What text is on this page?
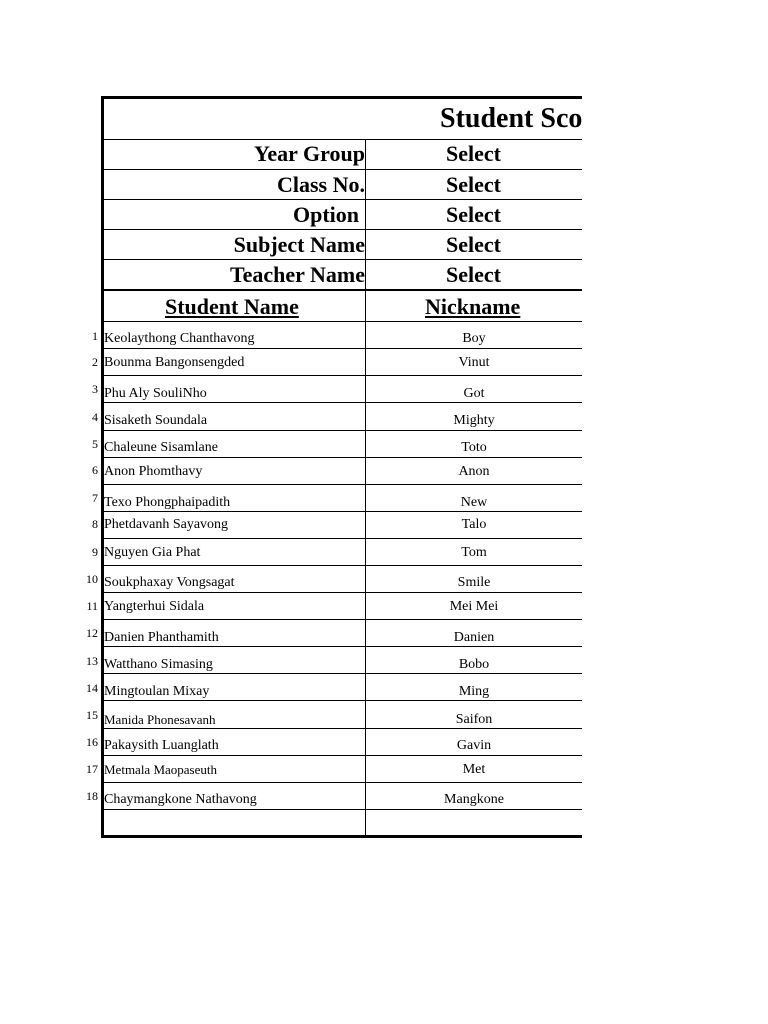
Student Sco
Year Group	Select
Class No.	Select
Option	Select
Subject Name	Select
Teacher Name	Select
Student Name	Nickname
1 Keolaythong Chanthavong	Boy
2 Bounma Bangonsengded	Vinut
3 Phu Aly SouliNho	Got
4 Sisaketh Soundala	Mighty
5 Chaleune Sisamlane	Toto
6 Anon Phomthavy	Anon
7 Texo Phongphaipadith	New
8 Phetdavanh Sayavong	Talo
9 Nguyen Gia Phat	Tom
10 Soukphaxay Vongsagat	Smile
11 Yangterhui Sidala	Mei Mei
12 Danien Phanthamith	Danien
13 Watthano Simasing	Bobo
14 Mingtoulan Mixay	Ming
15 Manida Phonesavanh	Saifon
16 Pakaysith Luanglath	Gavin
17 Metmala Maopaseuth	Met
18 Chaymangkone Nathavong	Mangkone
